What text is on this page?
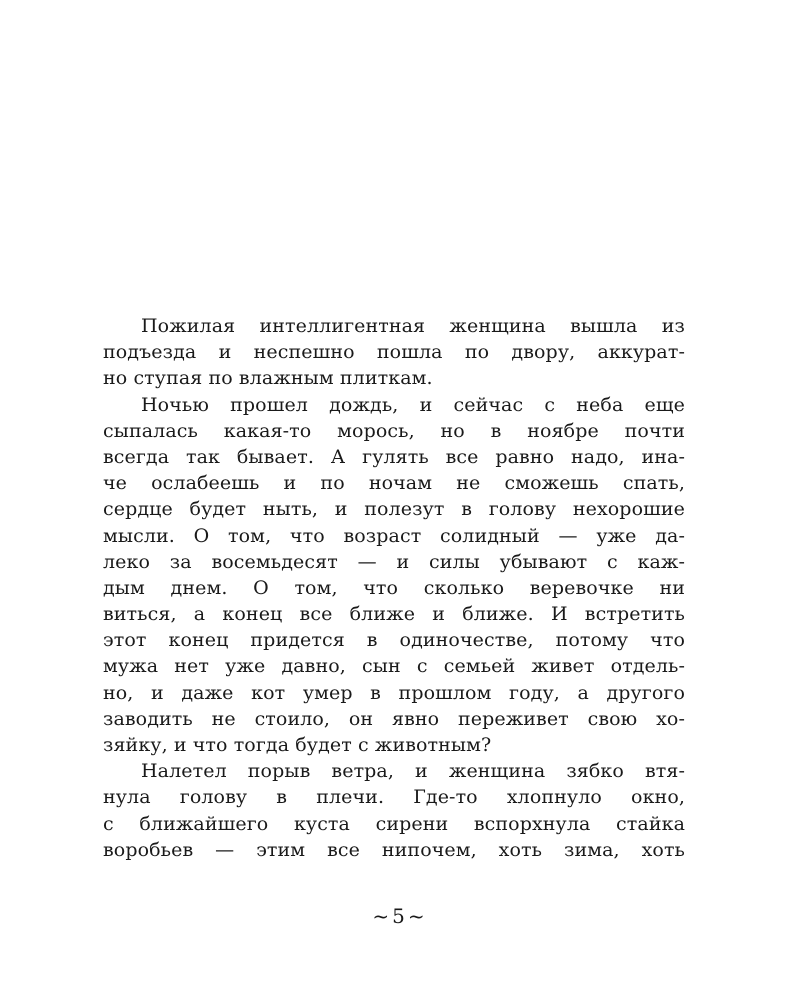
Пожилая интеллигентная женщина вышла из
подъезда и неспешно пошла по двору, аккурат-
но ступая по влажным плиткам.
Ночью прошел дождь, и сейчас с неба еще
сыпалась какая-то морось, но в ноябре почти
всегда так бывает. А гулять все равно надо, ина-
че ослабеешь и по ночам не сможешь спать,
сердце будет ныть, и полезут в голову нехорошие
мысли. О том, что возраст солидный — уже да-
леко за восемьдесят — и силы убывают с каж-
дым днем. О том, что сколько веревочке ни
виться, а конец все ближе и ближе. И встретить
этот конец придется в одиночестве, потому что
мужа нет уже давно, сын с семьей живет отдель-
но, и даже кот умер в прошлом году, а другого
заводить не стоило, он явно переживет свою хо-
зяйку, и что тогда будет с животным?
Налетел порыв ветра, и женщина зябко втя-
нула голову в плечи. Где-то хлопнуло окно,
с ближайшего куста сирени вспорхнула стайка
воробьев — этим все нипочем, хоть зима, хоть
~5~
